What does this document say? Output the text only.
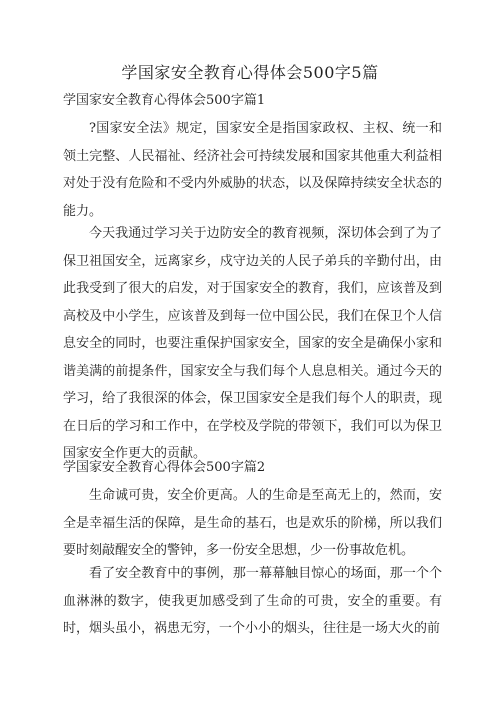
学国家安全教育心得体会500字5篇
学国家安全教育心得体会500字篇1

?国家安全法》规定，国家安全是指国家政权、主权、统一和领土完整、人民福祉、经济社会可持续发展和国家其他重大利益相对处于没有危险和不受内外威胁的状态，以及保障持续安全状态的能力。

今天我通过学习关于边防安全的教育视频，深切体会到了为了保卫祖国安全，远离家乡，戍守边关的人民子弟兵的辛勤付出，由此我受到了很大的启发，对于国家安全的教育，我们，应该普及到高校及中小学生，应该普及到每一位中国公民，我们在保卫个人信息安全的同时，也要注重保护国家安全，国家的安全是确保小家和谐美满的前提条件，国家安全与我们每个人息息相关。通过今天的学习，给了我很深的体会，保卫国家安全是我们每个人的职责，现在日后的学习和工作中，在学校及学院的带领下，我们可以为保卫国家安全作更大的贡献。

学国家安全教育心得体会500字篇2

生命诚可贵，安全价更高。人的生命是至高无上的，然而，安全是幸福生活的保障，是生命的基石，也是欢乐的阶梯，所以我们要时刻敲醒安全的警钟，多一份安全思想，少一份事故危机。

看了安全教育中的事例，那一幕幕触目惊心的场面，那一个个血淋淋的数字，使我更加感受到了生命的可贵，安全的重要。有时，烟头虽小，祸患无穷，一个小小的烟头，往往是一场大火的前
